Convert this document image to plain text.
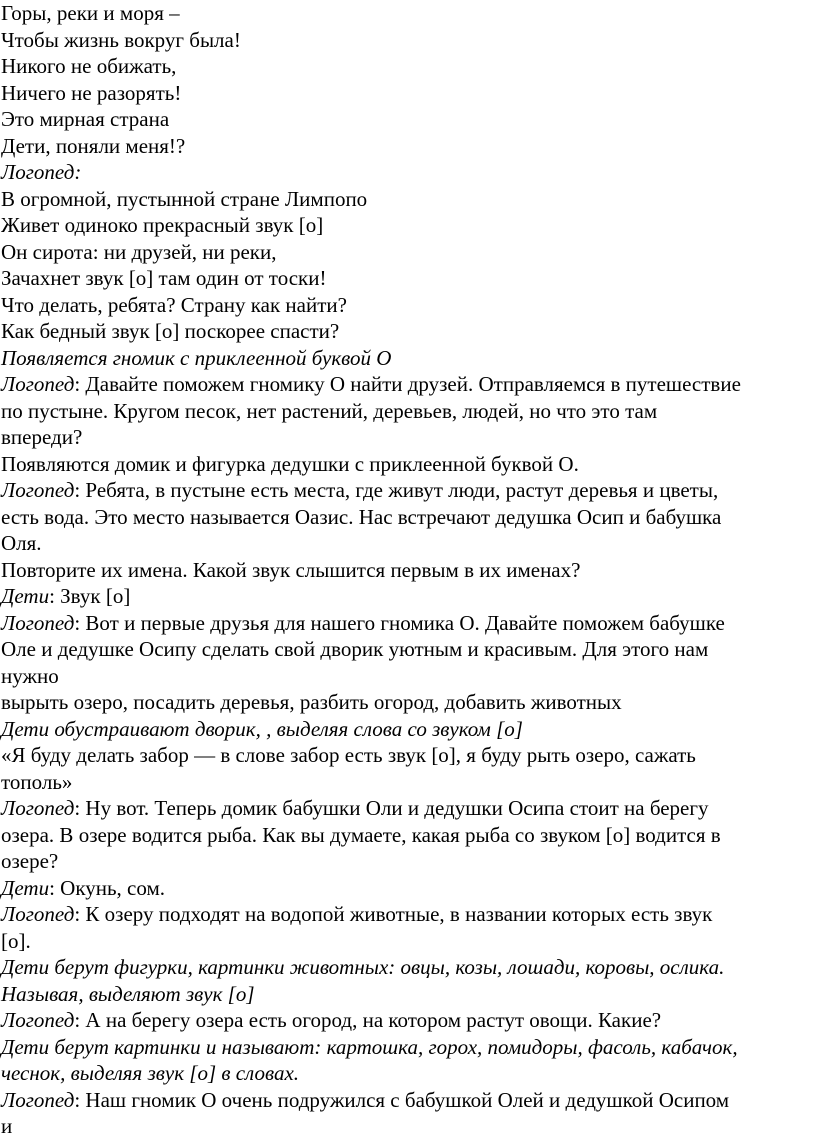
Горы, реки и моря –
Чтобы жизнь вокруг была!
Никого не обижать,
Ничего не разорять!
Это мирная страна
Дети, поняли меня!?
Логопед:
В огромной, пустынной стране Лимпопо
Живет одиноко прекрасный звук [о]
Он сирота: ни друзей, ни реки,
Зачахнет звук [о] там один от тоски!
Что делать, ребята? Страну как найти?
Как бедный звук [о] поскорее спасти?
Появляется гномик с приклеенной буквой О
Логопед: Давайте поможем гномику О найти друзей. Отправляемся в путешествие
по пустыне. Кругом песок, нет растений, деревьев, людей, но что это там
впереди?
Появляются домик и фигурка дедушки с приклеенной буквой О.
Логопед: Ребята, в пустыне есть места, где живут люди, растут деревья и цветы,
есть вода. Это место называется Оазис. Нас встречают дедушка Осип и бабушка
Оля.
Повторите их имена. Какой звук слышится первым в их именах?
Дети: Звук [о]
Логопед: Вот и первые друзья для нашего гномика О. Давайте поможем бабушке
Оле и дедушке Осипу сделать свой дворик уютным и красивым. Для этого нам
нужно
вырыть озеро, посадить деревья, разбить огород, добавить животных
Дети обустраивают дворик, , выделяя слова со звуком [о]
«Я буду делать забор — в слове забор есть звук [о], я буду рыть озеро, сажать
тополь»
Логопед: Ну вот. Теперь домик бабушки Оли и дедушки Осипа стоит на берегу
озера. В озере водится рыба. Как вы думаете, какая рыба со звуком [о] водится в
озере?
Дети: Окунь, сом.
Логопед: К озеру подходят на водопой животные, в названии которых есть звук
[о].
Дети берут фигурки, картинки животных: овцы, козы, лошади, коровы, ослика.
Называя, выделяют звук [о]
Логопед: А на берегу озера есть огород, на котором растут овощи. Какие?
Дети берут картинки и называют: картошка, горох, помидоры, фасоль, кабачок,
чеснок, выделяя звук [о] в словах.
Логопед: Наш гномик О очень подружился с бабушкой Олей и дедушкой Осипом
и
